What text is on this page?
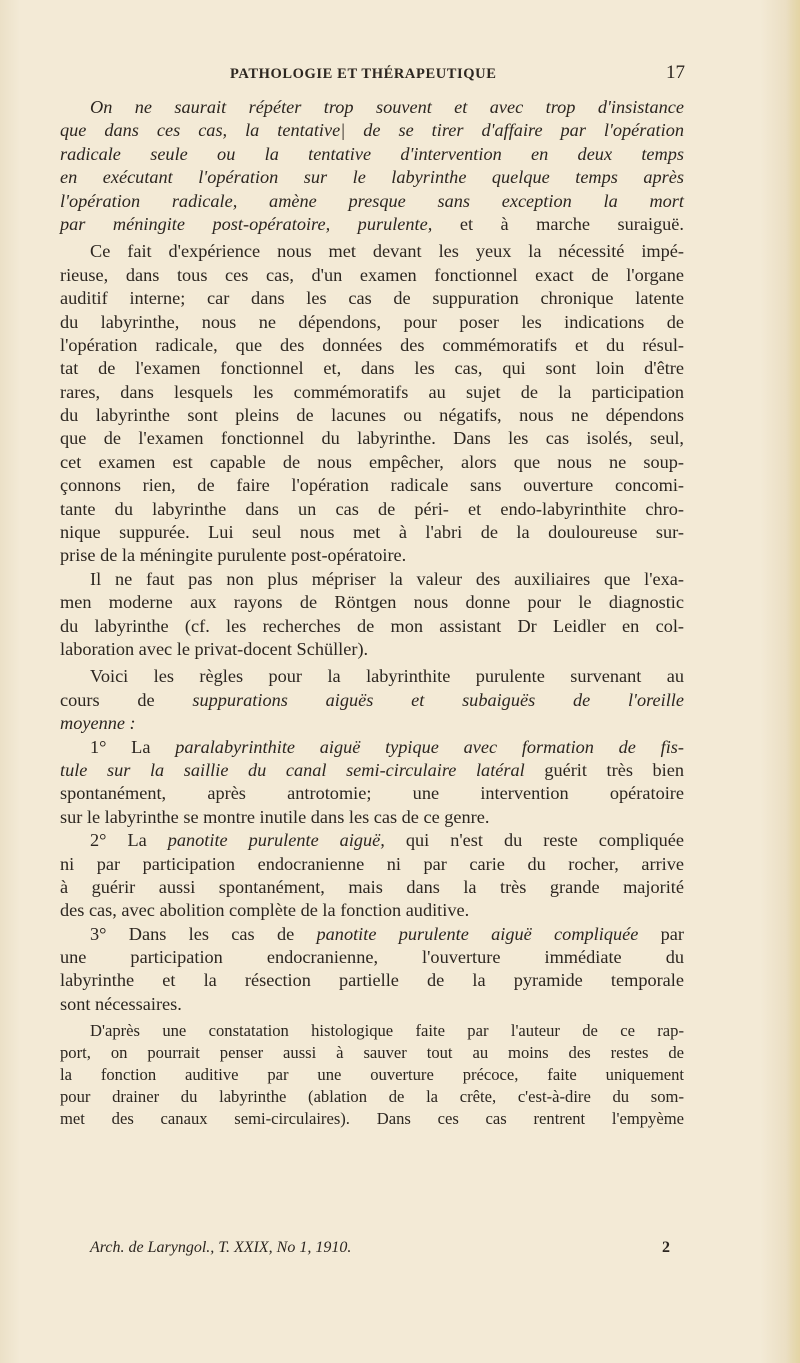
PATHOLOGIE ET THÉRAPEUTIQUE	17
On ne saurait répéter trop souvent et avec trop d'insistance
que dans ces cas, la tentative| de se tirer d'affaire par l'opération
radicale seule ou la tentative d'intervention en deux temps
en exécutant l'opération sur le labyrinthe quelque temps après
l'opération radicale, amène presque sans exception la mort
par méningite post-opératoire, purulente, et à marche suraiguë.
Ce fait d'expérience nous met devant les yeux la nécessité impé-
rieuse, dans tous ces cas, d'un examen fonctionnel exact de l'organe
auditif interne; car dans les cas de suppuration chronique latente
du labyrinthe, nous ne dépendons, pour poser les indications de
l'opération radicale, que des données des commémoratifs et du résul-
tat de l'examen fonctionnel et, dans les cas, qui sont loin d'être
rares, dans lesquels les commémoratifs au sujet de la participation
du labyrinthe sont pleins de lacunes ou négatifs, nous ne dépendons
que de l'examen fonctionnel du labyrinthe. Dans les cas isolés, seul,
cet examen est capable de nous empêcher, alors que nous ne soup-
çonnons rien, de faire l'opération radicale sans ouverture concomi-
tante du labyrinthe dans un cas de péri- et endo-labyrinthite chro-
nique suppurée. Lui seul nous met à l'abri de la douloureuse sur-
prise de la méningite purulente post-opératoire.
Il ne faut pas non plus mépriser la valeur des auxiliaires que l'exa-
men moderne aux rayons de Röntgen nous donne pour le diagnostic
du labyrinthe (cf. les recherches de mon assistant Dr Leidler en col-
laboration avec le privat-docent Schüller).
Voici les règles pour la labyrinthite purulente survenant au
cours de suppurations aiguës et subaiguës de l'oreille
moyenne :
1° La paralabyrinthite aiguë typique avec formation de fis-
tule sur la saillie du canal semi-circulaire latéral guérit très bien
spontanément, après antrotomie; une intervention opératoire
sur le labyrinthe se montre inutile dans les cas de ce genre.
2° La panotite purulente aiguë, qui n'est du reste compliquée
ni par participation endocranienne ni par carie du rocher, arrive
à guérir aussi spontanément, mais dans la très grande majorité
des cas, avec abolition complète de la fonction auditive.
3° Dans les cas de panotite purulente aiguë compliquée par
une participation endocranienne, l'ouverture immédiate du
labyrinthe et la résection partielle de la pyramide temporale
sont nécessaires.
D'après une constatation histologique faite par l'auteur de ce rap-
port, on pourrait penser aussi à sauver tout au moins des restes de
la fonction auditive par une ouverture précoce, faite uniquement
pour drainer du labyrinthe (ablation de la crête, c'est-à-dire du som-
met des canaux semi-circulaires). Dans ces cas rentrent l'empyème
Arch. de Laryngol., T. XXIX, No 1, 1910.	2
